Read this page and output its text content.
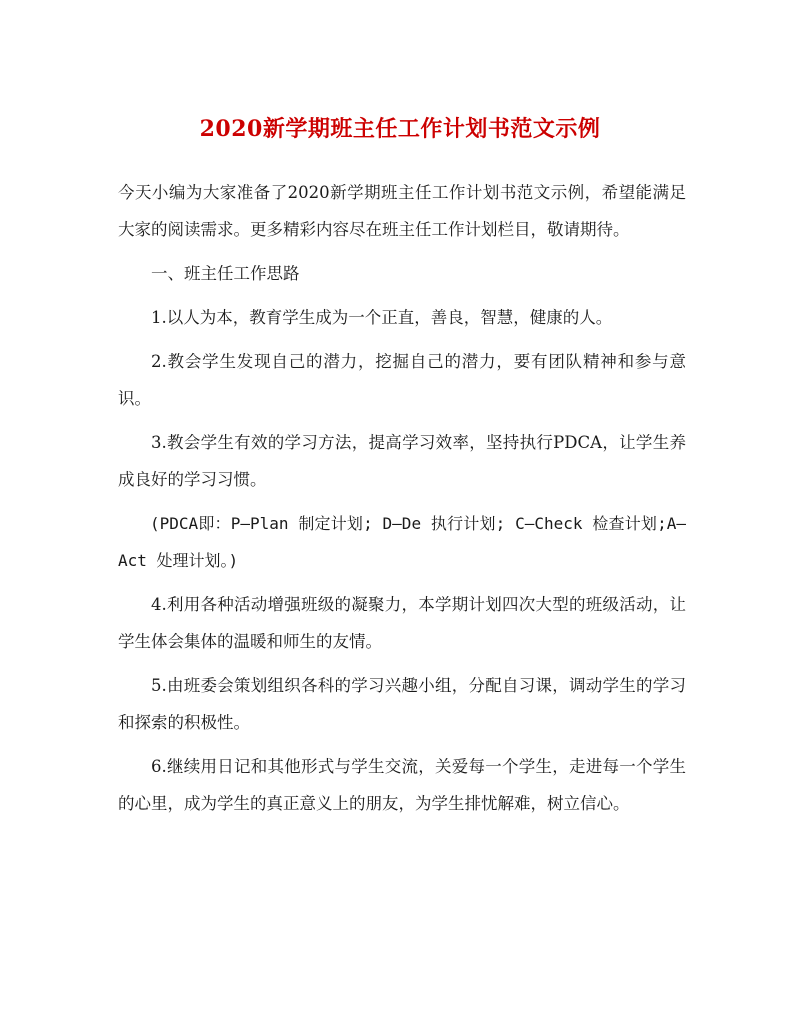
2020新学期班主任工作计划书范文示例

今天小编为大家准备了2020新学期班主任工作计划书范文示例，希望能满足大家的阅读需求。更多精彩内容尽在班主任工作计划栏目，敬请期待。

一、班主任工作思路

1.以人为本，教育学生成为一个正直，善良，智慧，健康的人。

2.教会学生发现自己的潜力，挖掘自己的潜力，要有团队精神和参与意识。

3.教会学生有效的学习方法，提高学习效率，坚持执行PDCA，让学生养成良好的学习习惯。

(PDCA即：P—Plan 制定计划; D—De 执行计划; C—Check 检查计划;A—Act 处理计划。)

4.利用各种活动增强班级的凝聚力，本学期计划四次大型的班级活动，让学生体会集体的温暖和师生的友情。

5.由班委会策划组织各科的学习兴趣小组，分配自习课，调动学生的学习和探索的积极性。

6.继续用日记和其他形式与学生交流，关爱每一个学生，走进每一个学生的心里，成为学生的真正意义上的朋友，为学生排忧解难，树立信心。
